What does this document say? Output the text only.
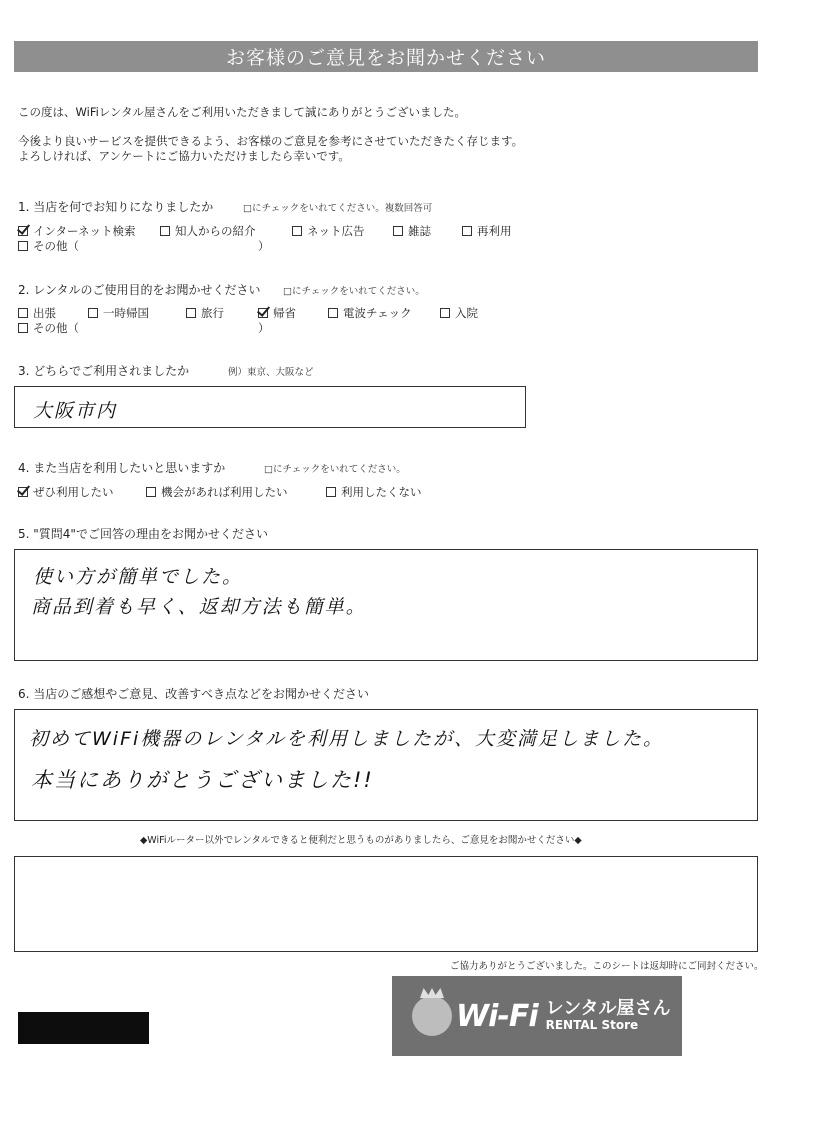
お客様のご意見をお聞かせください
この度は、WiFiレンタル屋さんをご利用いただきまして誠にありがとうございました。
今後より良いサービスを提供できるよう、お客様のご意見を参考にさせていただきたく存じます。
よろしければ、アンケートにご協力いただけましたら幸いです。
1. 当店を何でお知りになりましたか	□にチェックをいれてください。複数回答可
インターネット検索	知人からの紹介	ネット広告	雑誌	再利用
その他（	）
2. レンタルのご使用目的をお聞かせください □にチェックをいれてください。
出張	一時帰国	旅行	帰省	電波チェック	入院
その他（	）
3. どちらでご利用されましたか	例）東京、大阪など
大阪市内
4. また当店を利用したいと思いますか	□にチェックをいれてください。
ぜひ利用したい	機会があれば利用したい	利用したくない
5. "質問4"でご回答の理由をお聞かせください
使い方が簡単でした。
商品到着も早く、返却方法も簡単。
6. 当店のご感想やご意見、改善すべき点などをお聞かせください
初めてWiFi機器のレンタルを利用しましたが、大変満足しました。
本当にありがとうございました!!
◆WiFiルーター以外でレンタルできると便利だと思うものがありましたら、ご意見をお聞かせください◆
ご協力ありがとうございました。このシートは返却時にご同封ください。
Wi-Fi レンタル屋さん
RENTAL Store
